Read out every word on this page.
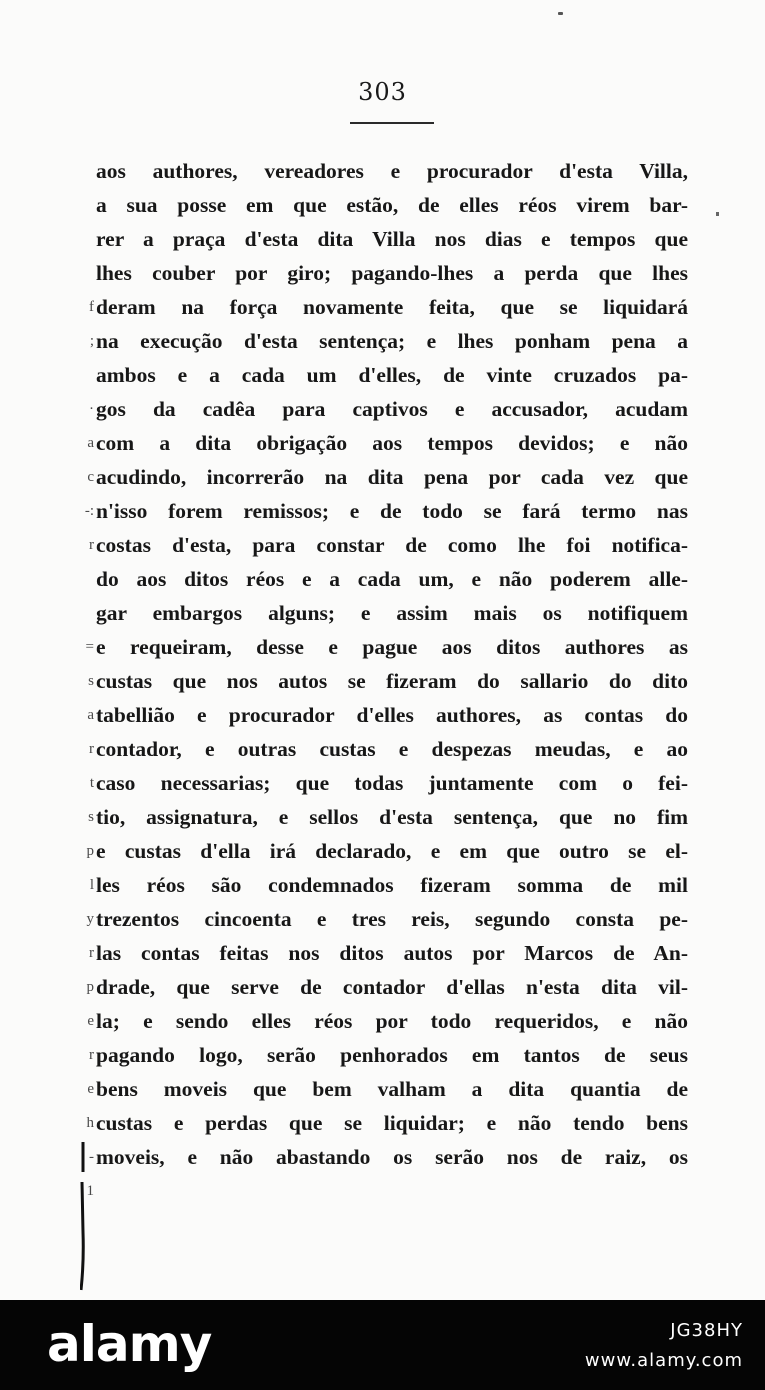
303
f
;
·
a
c
-:
r
=
s
a
r
t
s
p
l
y
r
p
e
r
e
h
-
1
aos authores, vereadores e procurador d'esta Villa,
a sua posse em que estão, de elles réos virem bar-
rer a praça d'esta dita Villa nos dias e tempos que
lhes couber por giro; pagando-lhes a perda que lhes
deram na força novamente feita, que se liquidará
na execução d'esta sentença; e lhes ponham pena a
ambos e a cada um d'elles, de vinte cruzados pa-
gos da cadêa para captivos e accusador, acudam
com a dita obrigação aos tempos devidos; e não
acudindo, incorrerão na dita pena por cada vez que
n'isso forem remissos; e de todo se fará termo nas
costas d'esta, para constar de como lhe foi notifica-
do aos ditos réos e a cada um, e não poderem alle-
gar embargos alguns; e assim mais os notifiquem
e requeiram, desse e pague aos ditos authores as
custas que nos autos se fizeram do sallario do dito
tabellião e procurador d'elles authores, as contas do
contador, e outras custas e despezas meudas, e ao
caso necessarias; que todas juntamente com o fei-
tio, assignatura, e sellos d'esta sentença, que no fim
e custas d'ella irá declarado, e em que outro se el-
les réos são condemnados fizeram somma de mil
trezentos cincoenta e tres reis, segundo consta pe-
las contas feitas nos ditos autos por Marcos de An-
drade, que serve de contador d'ellas n'esta dita vil-
la; e sendo elles réos por todo requeridos, e não
pagando logo, serão penhorados em tantos de seus
bens moveis que bem valham a dita quantia de
custas e perdas que se liquidar; e não tendo bens
moveis, e não abastando os serão nos de raiz, os
alamy	JG38HY
www.alamy.com
